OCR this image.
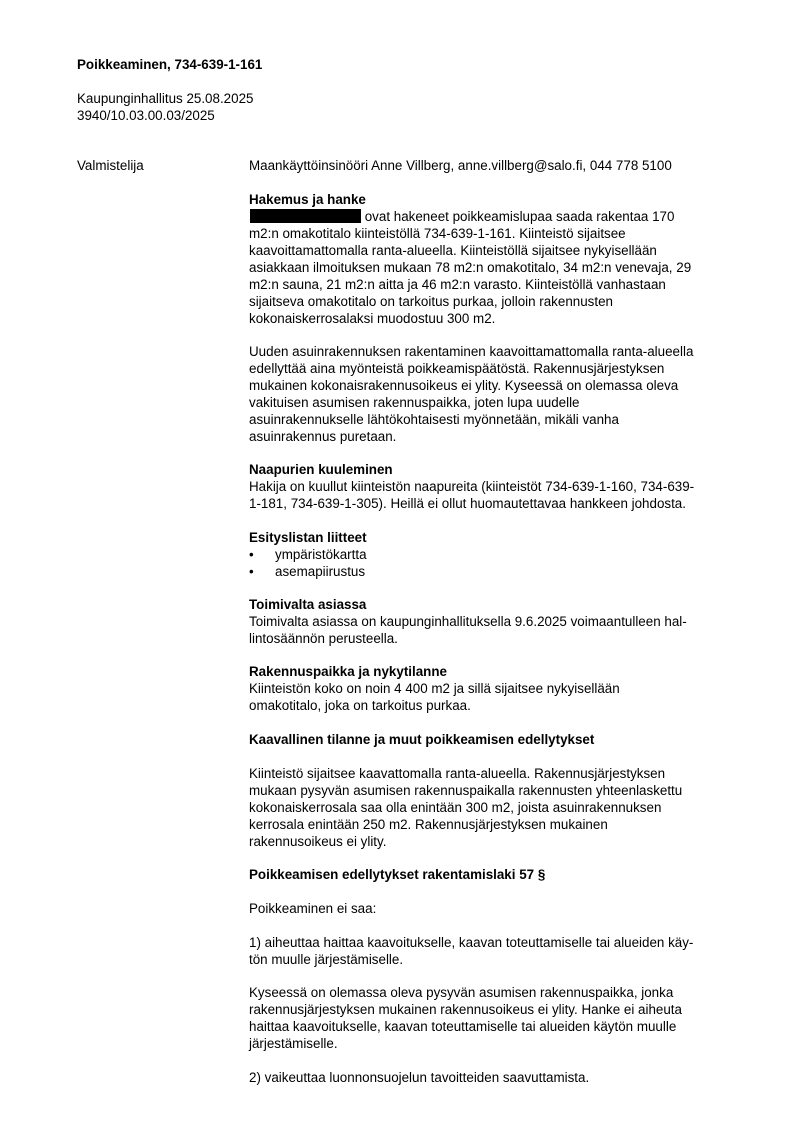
Poikkeaminen, 734-639-1-161
Kaupunginhallitus 25.08.2025
3940/10.03.00.03/2025
Valmistelija	Maankäyttöinsinööri Anne Villberg, anne.villberg@salo.fi, 044 778 5100
Hakemus ja hanke
ovat hakeneet poikkeamislupaa saada rakentaa 170
m2:n omakotitalo kiinteistöllä 734-639-1-161. Kiinteistö sijaitsee
kaavoittamattomalla ranta-alueella. Kiinteistöllä sijaitsee nykyisellään
asiakkaan ilmoituksen mukaan 78 m2:n omakotitalo, 34 m2:n venevaja, 29
m2:n sauna, 21 m2:n aitta ja 46 m2:n varasto. Kiinteistöllä vanhastaan
sijaitseva omakotitalo on tarkoitus purkaa, jolloin rakennusten
kokonaiskerrosalaksi muodostuu 300 m2.
Uuden asuinrakennuksen rakentaminen kaavoittamattomalla ranta-alueella
edellyttää aina myönteistä poikkeamispäätöstä. Rakennusjärjestyksen
mukainen kokonaisrakennusoikeus ei ylity. Kyseessä on olemassa oleva
vakituisen asumisen rakennuspaikka, joten lupa uudelle
asuinrakennukselle lähtökohtaisesti myönnetään, mikäli vanha
asuinrakennus puretaan.
Naapurien kuuleminen
Hakija on kuullut kiinteistön naapureita (kiinteistöt 734-639-1-160, 734-639-
1-181, 734-639-1-305). Heillä ei ollut huomautettavaa hankkeen johdosta.
Esityslistan liitteet
• ympäristökartta
• asemapiirustus
Toimivalta asiassa
Toimivalta asiassa on kaupunginhallituksella 9.6.2025 voimaantulleen hal-
lintosäännön perusteella.
Rakennuspaikka ja nykytilanne
Kiinteistön koko on noin 4 400 m2 ja sillä sijaitsee nykyisellään
omakotitalo, joka on tarkoitus purkaa.
Kaavallinen tilanne ja muut poikkeamisen edellytykset
Kiinteistö sijaitsee kaavattomalla ranta-alueella. Rakennusjärjestyksen
mukaan pysyvän asumisen rakennuspaikalla rakennusten yhteenlaskettu
kokonaiskerrosala saa olla enintään 300 m2, joista asuinrakennuksen
kerrosala enintään 250 m2. Rakennusjärjestyksen mukainen
rakennusoikeus ei ylity.
Poikkeamisen edellytykset rakentamislaki 57 §
Poikkeaminen ei saa:
1) aiheuttaa haittaa kaavoitukselle, kaavan toteuttamiselle tai alueiden käy-
tön muulle järjestämiselle.
Kyseessä on olemassa oleva pysyvän asumisen rakennuspaikka, jonka
rakennusjärjestyksen mukainen rakennusoikeus ei ylity. Hanke ei aiheuta
haittaa kaavoitukselle, kaavan toteuttamiselle tai alueiden käytön muulle
järjestämiselle.
2) vaikeuttaa luonnonsuojelun tavoitteiden saavuttamista.
